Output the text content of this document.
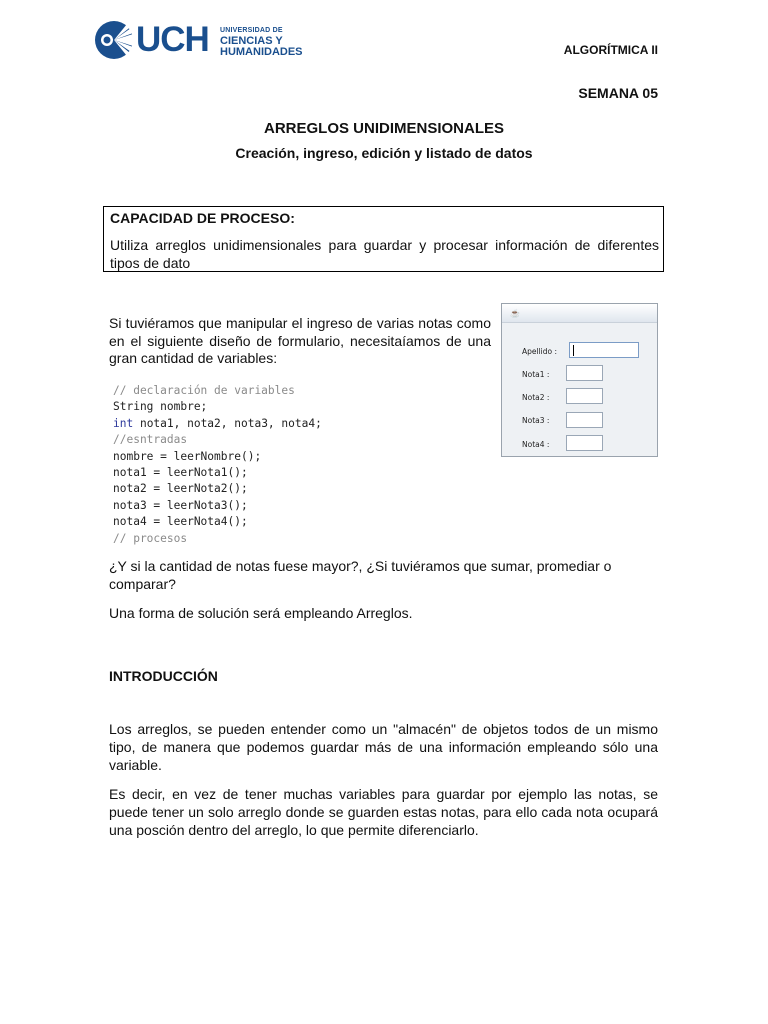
UCH UNIVERSIDAD DE
CIENCIAS Y
HUMANIDADES	ALGORÍTMICA II
SEMANA 05
ARREGLOS UNIDIMENSIONALES
Creación, ingreso, edición y listado de datos
CAPACIDAD DE PROCESO:
Utiliza arreglos unidimensionales para guardar y procesar información de diferentes tipos de dato
Si tuviéramos que manipular el ingreso de varias notas como en el siguiente diseño de formulario, necesitaíamos de una gran cantidad de variables:
// declaración de variables
String nombre;
int nota1, nota2, nota3, nota4;
//esntradas
nombre = leerNombre();
nota1 = leerNota1();
nota2 = leerNota2();
nota3 = leerNota3();
nota4 = leerNota4();
// procesos
☕
Apellido :
Nota1 :
Nota2 :
Nota3 :
Nota4 :
¿Y si la cantidad de notas fuese mayor?, ¿Si tuviéramos que sumar, promediar o comparar?
Una forma de solución será empleando Arreglos.
INTRODUCCIÓN
Los arreglos, se pueden entender como un "almacén" de objetos todos de un mismo tipo, de manera que podemos guardar más de una información empleando sólo una variable.
Es decir, en vez de tener muchas variables para guardar por ejemplo las notas, se puede tener un solo arreglo donde se guarden estas notas, para ello cada nota ocupará una posción dentro del arreglo, lo que permite diferenciarlo.
